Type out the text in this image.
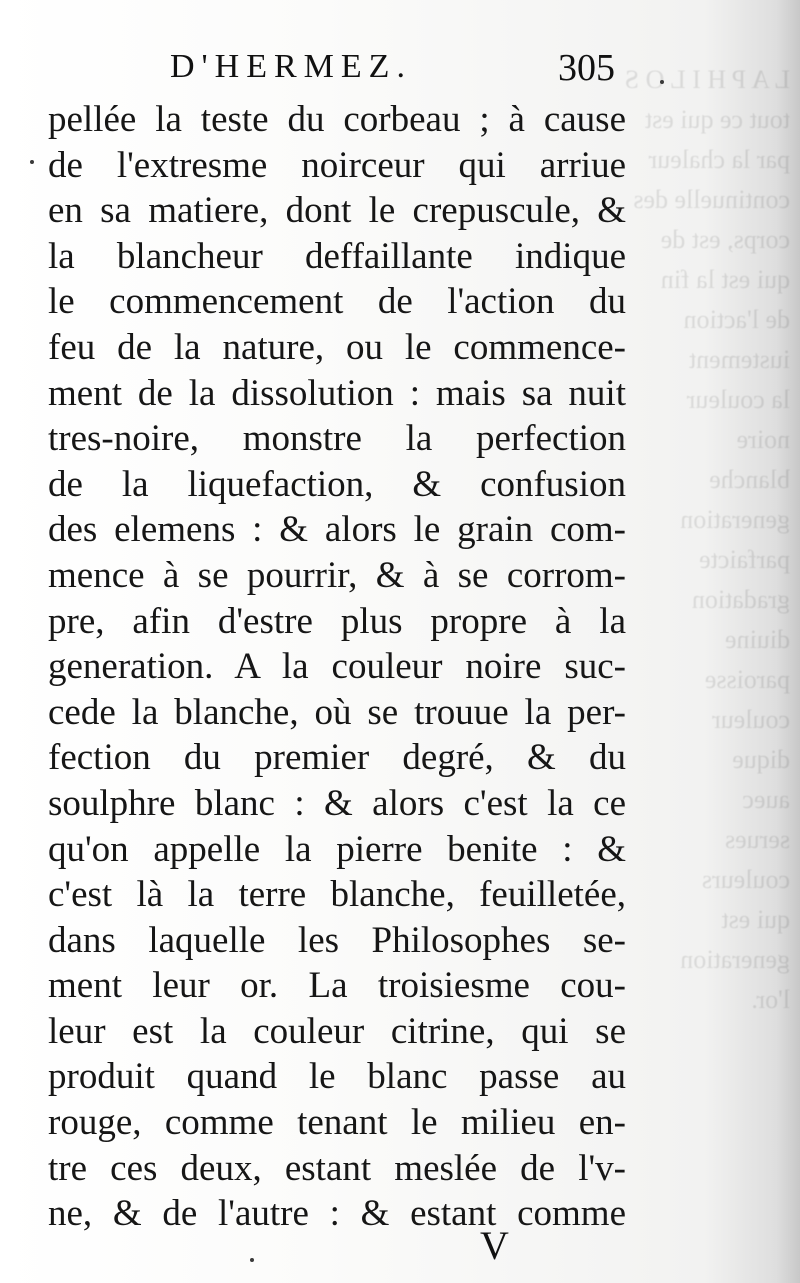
L A P H I L O S
tout ce qui est
par la chaleur
continuelle des
corps, est de
qui est la fin
de l'action
iustement
la couleur
noire
blanche
generation
parfaicte
gradation
diuine
paroisse
couleur
dique
auec
serues
couleurs
qui est
generation
l'or.
D'HERMEZ.	305
pellée la teste du corbeau ; à cause
de l'extresme noirceur qui arriue
en sa matiere, dont le crepuscule, &
la blancheur deffaillante indique
le commencement de l'action du
feu de la nature, ou le commence-
ment de la dissolution : mais sa nuit
tres-noire, monstre la perfection
de la liquefaction, & confusion
des elemens : & alors le grain com-
mence à se pourrir, & à se corrom-
pre, afin d'estre plus propre à la
generation. A la couleur noire suc-
cede la blanche, où se trouue la per-
fection du premier degré, & du
soulphre blanc : & alors c'est la ce
qu'on appelle la pierre benite : &
c'est là la terre blanche, feuilletée,
dans laquelle les Philosophes se-
ment leur or. La troisiesme cou-
leur est la couleur citrine, qui se
produit quand le blanc passe au
rouge, comme tenant le milieu en-
tre ces deux, estant meslée de l'v-
ne, & de l'autre : & estant comme
V
